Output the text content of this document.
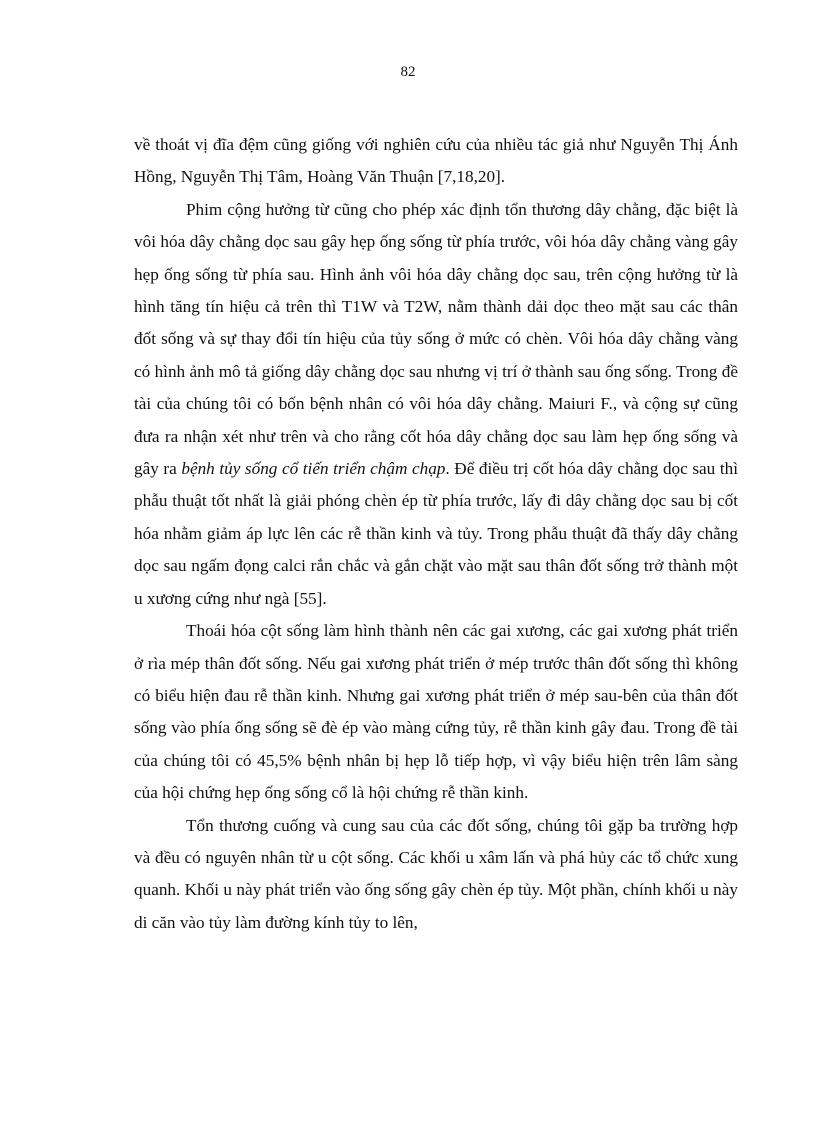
82

về thoát vị đĩa đệm cũng giống với nghiên cứu của nhiều tác giả như Nguyễn Thị Ánh Hồng, Nguyễn Thị Tâm, Hoàng Văn Thuận [7,18,20].

Phim cộng hưởng từ cũng cho phép xác định tổn thương dây chằng, đặc biệt là vôi hóa dây chằng dọc sau gây hẹp ống sống từ phía trước, vôi hóa dây chằng vàng gây hẹp ống sống từ phía sau. Hình ảnh vôi hóa dây chằng dọc sau, trên cộng hưởng từ là hình tăng tín hiệu cả trên thì T1W và T2W, nằm thành dải dọc theo mặt sau các thân đốt sống và sự thay đổi tín hiệu của tủy sống ở mức có chèn. Vôi hóa dây chằng vàng có hình ảnh mô tả giống dây chằng dọc sau nhưng vị trí ở thành sau ống sống. Trong đề tài của chúng tôi có bốn bệnh nhân có vôi hóa dây chằng. Maiuri F., và cộng sự cũng đưa ra nhận xét như trên và cho rằng cốt hóa dây chằng dọc sau làm hẹp ống sống và gây ra bệnh tủy sống cổ tiến triển chậm chạp. Để điều trị cốt hóa dây chằng dọc sau thì phẫu thuật tốt nhất là giải phóng chèn ép từ phía trước, lấy đi dây chằng dọc sau bị cốt hóa nhằm giảm áp lực lên các rễ thần kinh và tủy. Trong phẫu thuật đã thấy dây chằng dọc sau ngấm đọng calci rắn chắc và gắn chặt vào mặt sau thân đốt sống trở thành một u xương cứng như ngà [55].

Thoái hóa cột sống làm hình thành nên các gai xương, các gai xương phát triển ở rìa mép thân đốt sống. Nếu gai xương phát triển ở mép trước thân đốt sống thì không có biểu hiện đau rễ thần kinh. Nhưng gai xương phát triển ở mép sau-bên của thân đốt sống vào phía ống sống sẽ đè ép vào màng cứng tủy, rễ thần kinh gây đau. Trong đề tài của chúng tôi có 45,5% bệnh nhân bị hẹp lỗ tiếp hợp, vì vậy biểu hiện trên lâm sàng của hội chứng hẹp ống sống cổ là hội chứng rễ thần kinh.

Tổn thương cuống và cung sau của các đốt sống, chúng tôi gặp ba trường hợp và đều có nguyên nhân từ u cột sống. Các khối u xâm lấn và phá hủy các tổ chức xung quanh. Khối u này phát triển vào ống sống gây chèn ép tủy. Một phần, chính khối u này di căn vào tủy làm đường kính tủy to lên,
